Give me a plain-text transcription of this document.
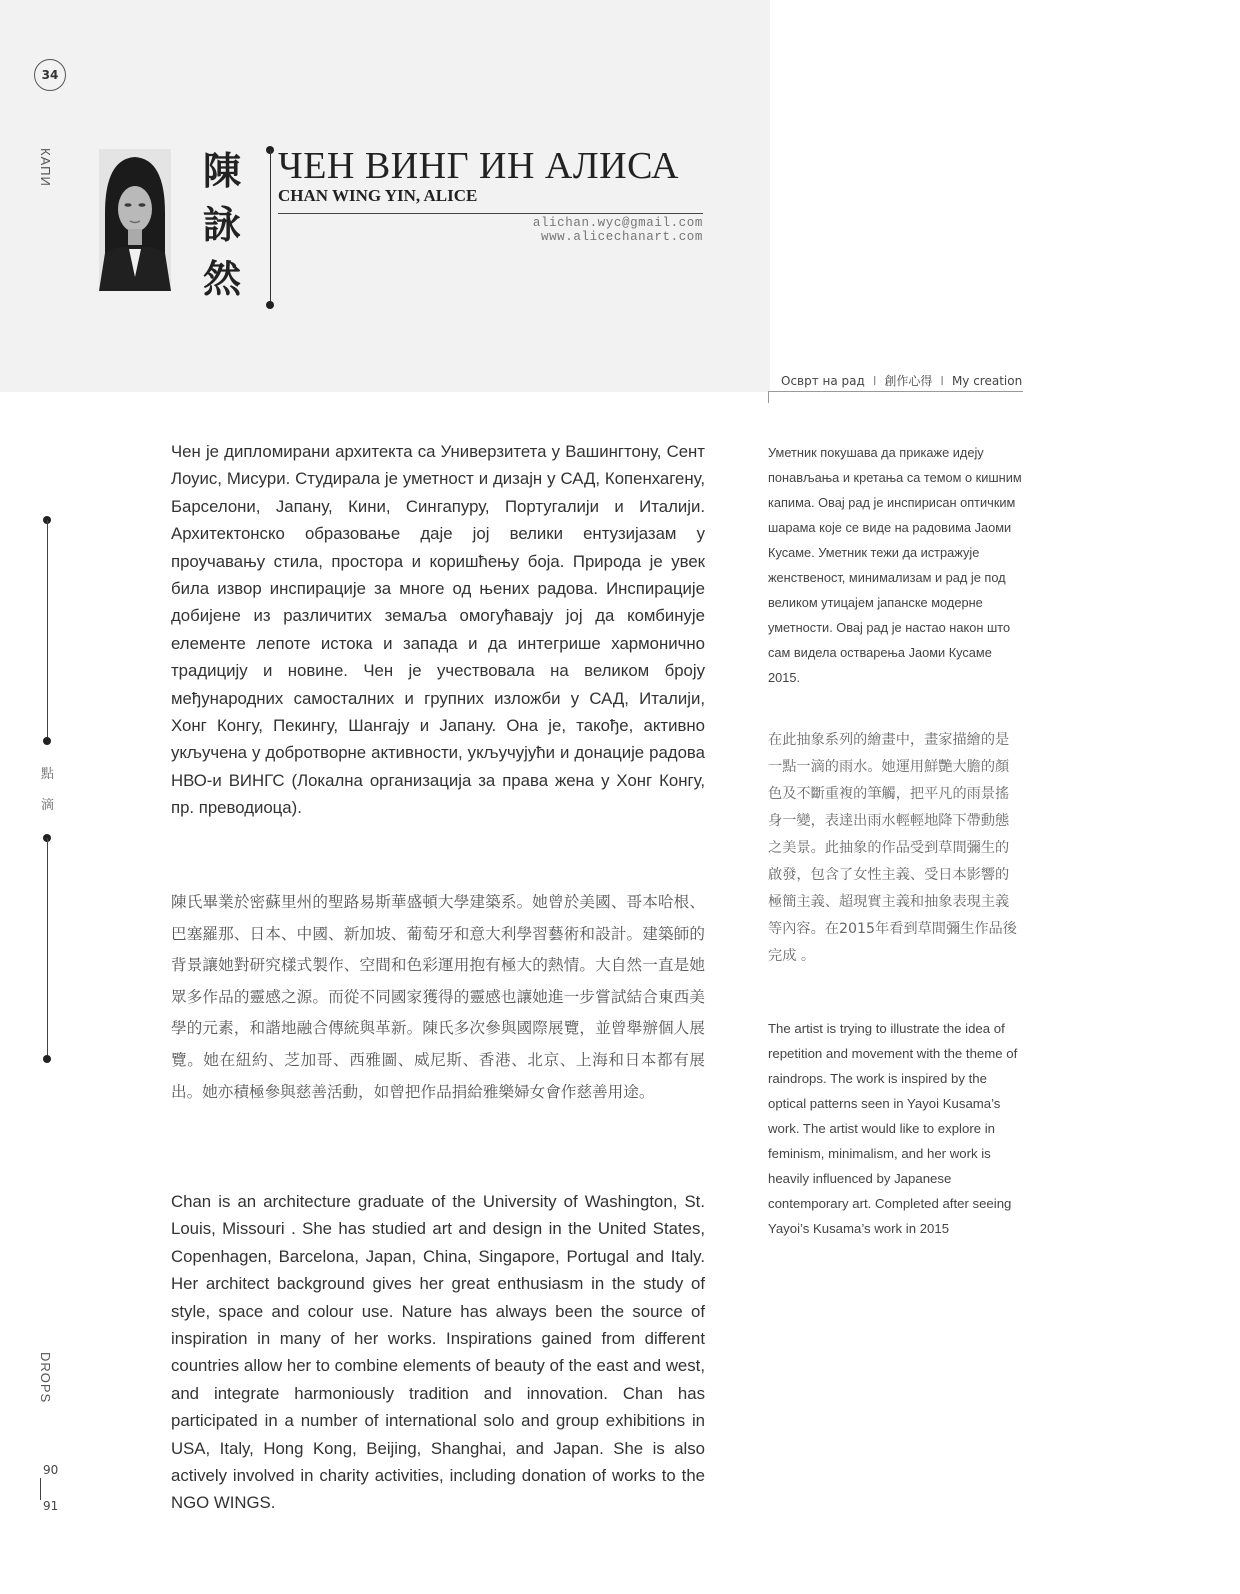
34
КАПИ
點
滴
DROPS
90
91
陳
詠
然
ЧЕН ВИНГ ИН АЛИСА
CHAN WING YIN, ALICE
alichan.wyc@gmail.com
www.alicechanart.com
Осврт на рад I 創作心得 I My creation
Чен је дипломирани архитекта са Универзитета у Вашингтону, Сент Лоуис, Мисури. Студирала је уметност и дизајн у САД, Копенхагену, Барселони, Јапану, Кини, Сингапуру, Португалији и Италији. Архитектонско образовање даје јој велики ентузијазам у проучавању стила, простора и коришћењу боја. Природа је увек била извор инспирације за многе од њених радова. Инспирације добијене из различитих земаља омогућавају јој да комбинује елементе лепоте истока и запада и да интегрише хармонично традицију и новине. Чен је учествовала на великом броју међународних самосталних и групних изложби у САД, Италији, Хонг Конгу, Пекингу, Шангају и Јапану. Она је, такође, активно укључена у добротворне активности, укључујући и донације радова НВО-и ВИНГС (Локална организација за права жена у Хонг Конгу, пр. преводиоца).
陳氏畢業於密蘇里州的聖路易斯華盛頓大學建築系。她曾於美國、哥本哈根、巴塞羅那、日本、中國、新加坡、葡萄牙和意大利學習藝術和設計。建築師的背景讓她對研究樣式製作、空間和色彩運用抱有極大的熱情。大自然一直是她眾多作品的靈感之源。而從不同國家獲得的靈感也讓她進一步嘗試結合東西美學的元素，和諧地融合傳統與革新。陳氏多次參與國際展覽，並曾舉辦個人展覽。她在紐約、芝加哥、西雅圖、威尼斯、香港、北京、上海和日本都有展出。她亦積極參與慈善活動，如曾把作品捐給雅樂婦女會作慈善用途。
Chan is an architecture graduate of the University of Washington, St. Louis, Missouri . She has studied art and design in the United States, Copenhagen, Barcelona, Japan, China, Singapore, Portugal and Italy. Her architect background gives her great enthusiasm in the study of style, space and colour use. Nature has always been the source of inspiration in many of her works. Inspirations gained from different countries allow her to combine elements of beauty of the east and west, and integrate harmoniously tradition and innovation. Chan has participated in a number of international solo and group exhibitions in USA, Italy, Hong Kong, Beijing, Shanghai, and Japan. She is also actively involved in charity activities, including donation of works to the NGO WINGS.
Уметник покушава да прикаже идеју понављања и кретања са темом о кишним капима. Овај рад је инспирисан оптичким шарама које се виде на радовима Јаоми Кусаме. Уметник тежи да истражује женственост, минимализам и рад је под великом утицајем јапанске модерне уметности. Овај рад је настао након што сам видела остварења Јаоми Кусаме 2015.
在此抽象系列的繪畫中，畫家描繪的是一點一滴的雨水。她運用鮮艷大膽的顏色及不斷重複的筆觸，把平凡的雨景搖身一變，表達出雨水輕輕地降下帶動態之美景。此抽象的作品受到草間彌生的啟發，包含了女性主義、受日本影響的極簡主義、超現實主義和抽象表現主義等內容。在2015年看到草間彌生作品後完成 。
The artist is trying to illustrate the idea of repetition and movement with the theme of raindrops. The work is inspired by the optical patterns seen in Yayoi Kusama’s work. The artist would like to explore in feminism, minimalism, and her work is heavily influenced by Japanese contemporary art. Completed after seeing Yayoi’s Kusama’s work in 2015
